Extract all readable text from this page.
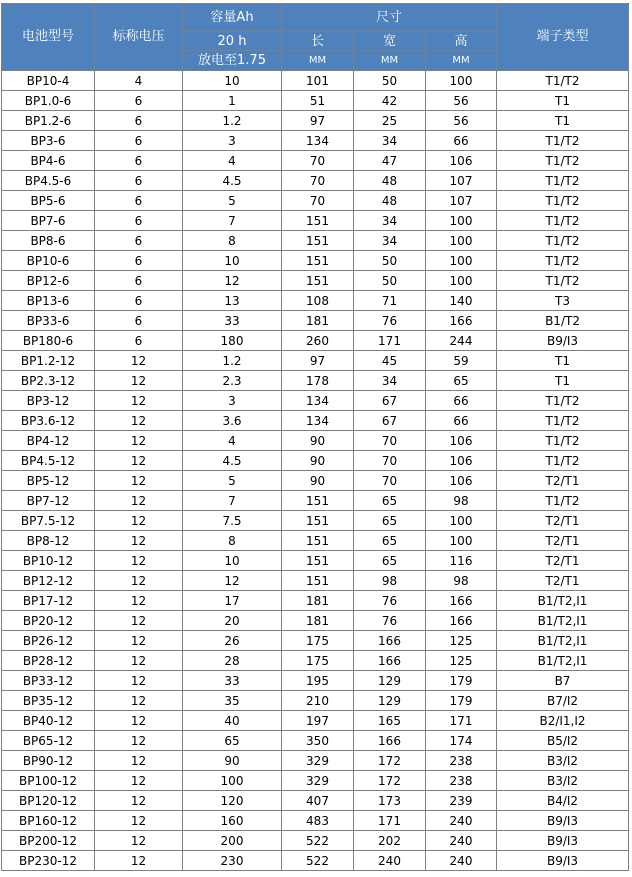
电池型号	标称电压	容量Ah	尺寸			端子类型
		20 h	长	宽	高	
		放电至1.75	MM	MM	MM	
BP10-4	4	10	101	50	100	T1/T2
BP1.0-6	6	1	51	42	56	T1
BP1.2-6	6	1.2	97	25	56	T1
BP3-6	6	3	134	34	66	T1/T2
BP4-6	6	4	70	47	106	T1/T2
BP4.5-6	6	4.5	70	48	107	T1/T2
BP5-6	6	5	70	48	107	T1/T2
BP7-6	6	7	151	34	100	T1/T2
BP8-6	6	8	151	34	100	T1/T2
BP10-6	6	10	151	50	100	T1/T2
BP12-6	6	12	151	50	100	T1/T2
BP13-6	6	13	108	71	140	T3
BP33-6	6	33	181	76	166	B1/T2
BP180-6	6	180	260	171	244	B9/I3
BP1.2-12	12	1.2	97	45	59	T1
BP2.3-12	12	2.3	178	34	65	T1
BP3-12	12	3	134	67	66	T1/T2
BP3.6-12	12	3.6	134	67	66	T1/T2
BP4-12	12	4	90	70	106	T1/T2
BP4.5-12	12	4.5	90	70	106	T1/T2
BP5-12	12	5	90	70	106	T2/T1
BP7-12	12	7	151	65	98	T1/T2
BP7.5-12	12	7.5	151	65	100	T2/T1
BP8-12	12	8	151	65	100	T2/T1
BP10-12	12	10	151	65	116	T2/T1
BP12-12	12	12	151	98	98	T2/T1
BP17-12	12	17	181	76	166	B1/T2,I1
BP20-12	12	20	181	76	166	B1/T2,I1
BP26-12	12	26	175	166	125	B1/T2,I1
BP28-12	12	28	175	166	125	B1/T2,I1
BP33-12	12	33	195	129	179	B7
BP35-12	12	35	210	129	179	B7/I2
BP40-12	12	40	197	165	171	B2/I1,I2
BP65-12	12	65	350	166	174	B5/I2
BP90-12	12	90	329	172	238	B3/I2
BP100-12	12	100	329	172	238	B3/I2
BP120-12	12	120	407	173	239	B4/I2
BP160-12	12	160	483	171	240	B9/I3
BP200-12	12	200	522	202	240	B9/I3
BP230-12	12	230	522	240	240	B9/I3
